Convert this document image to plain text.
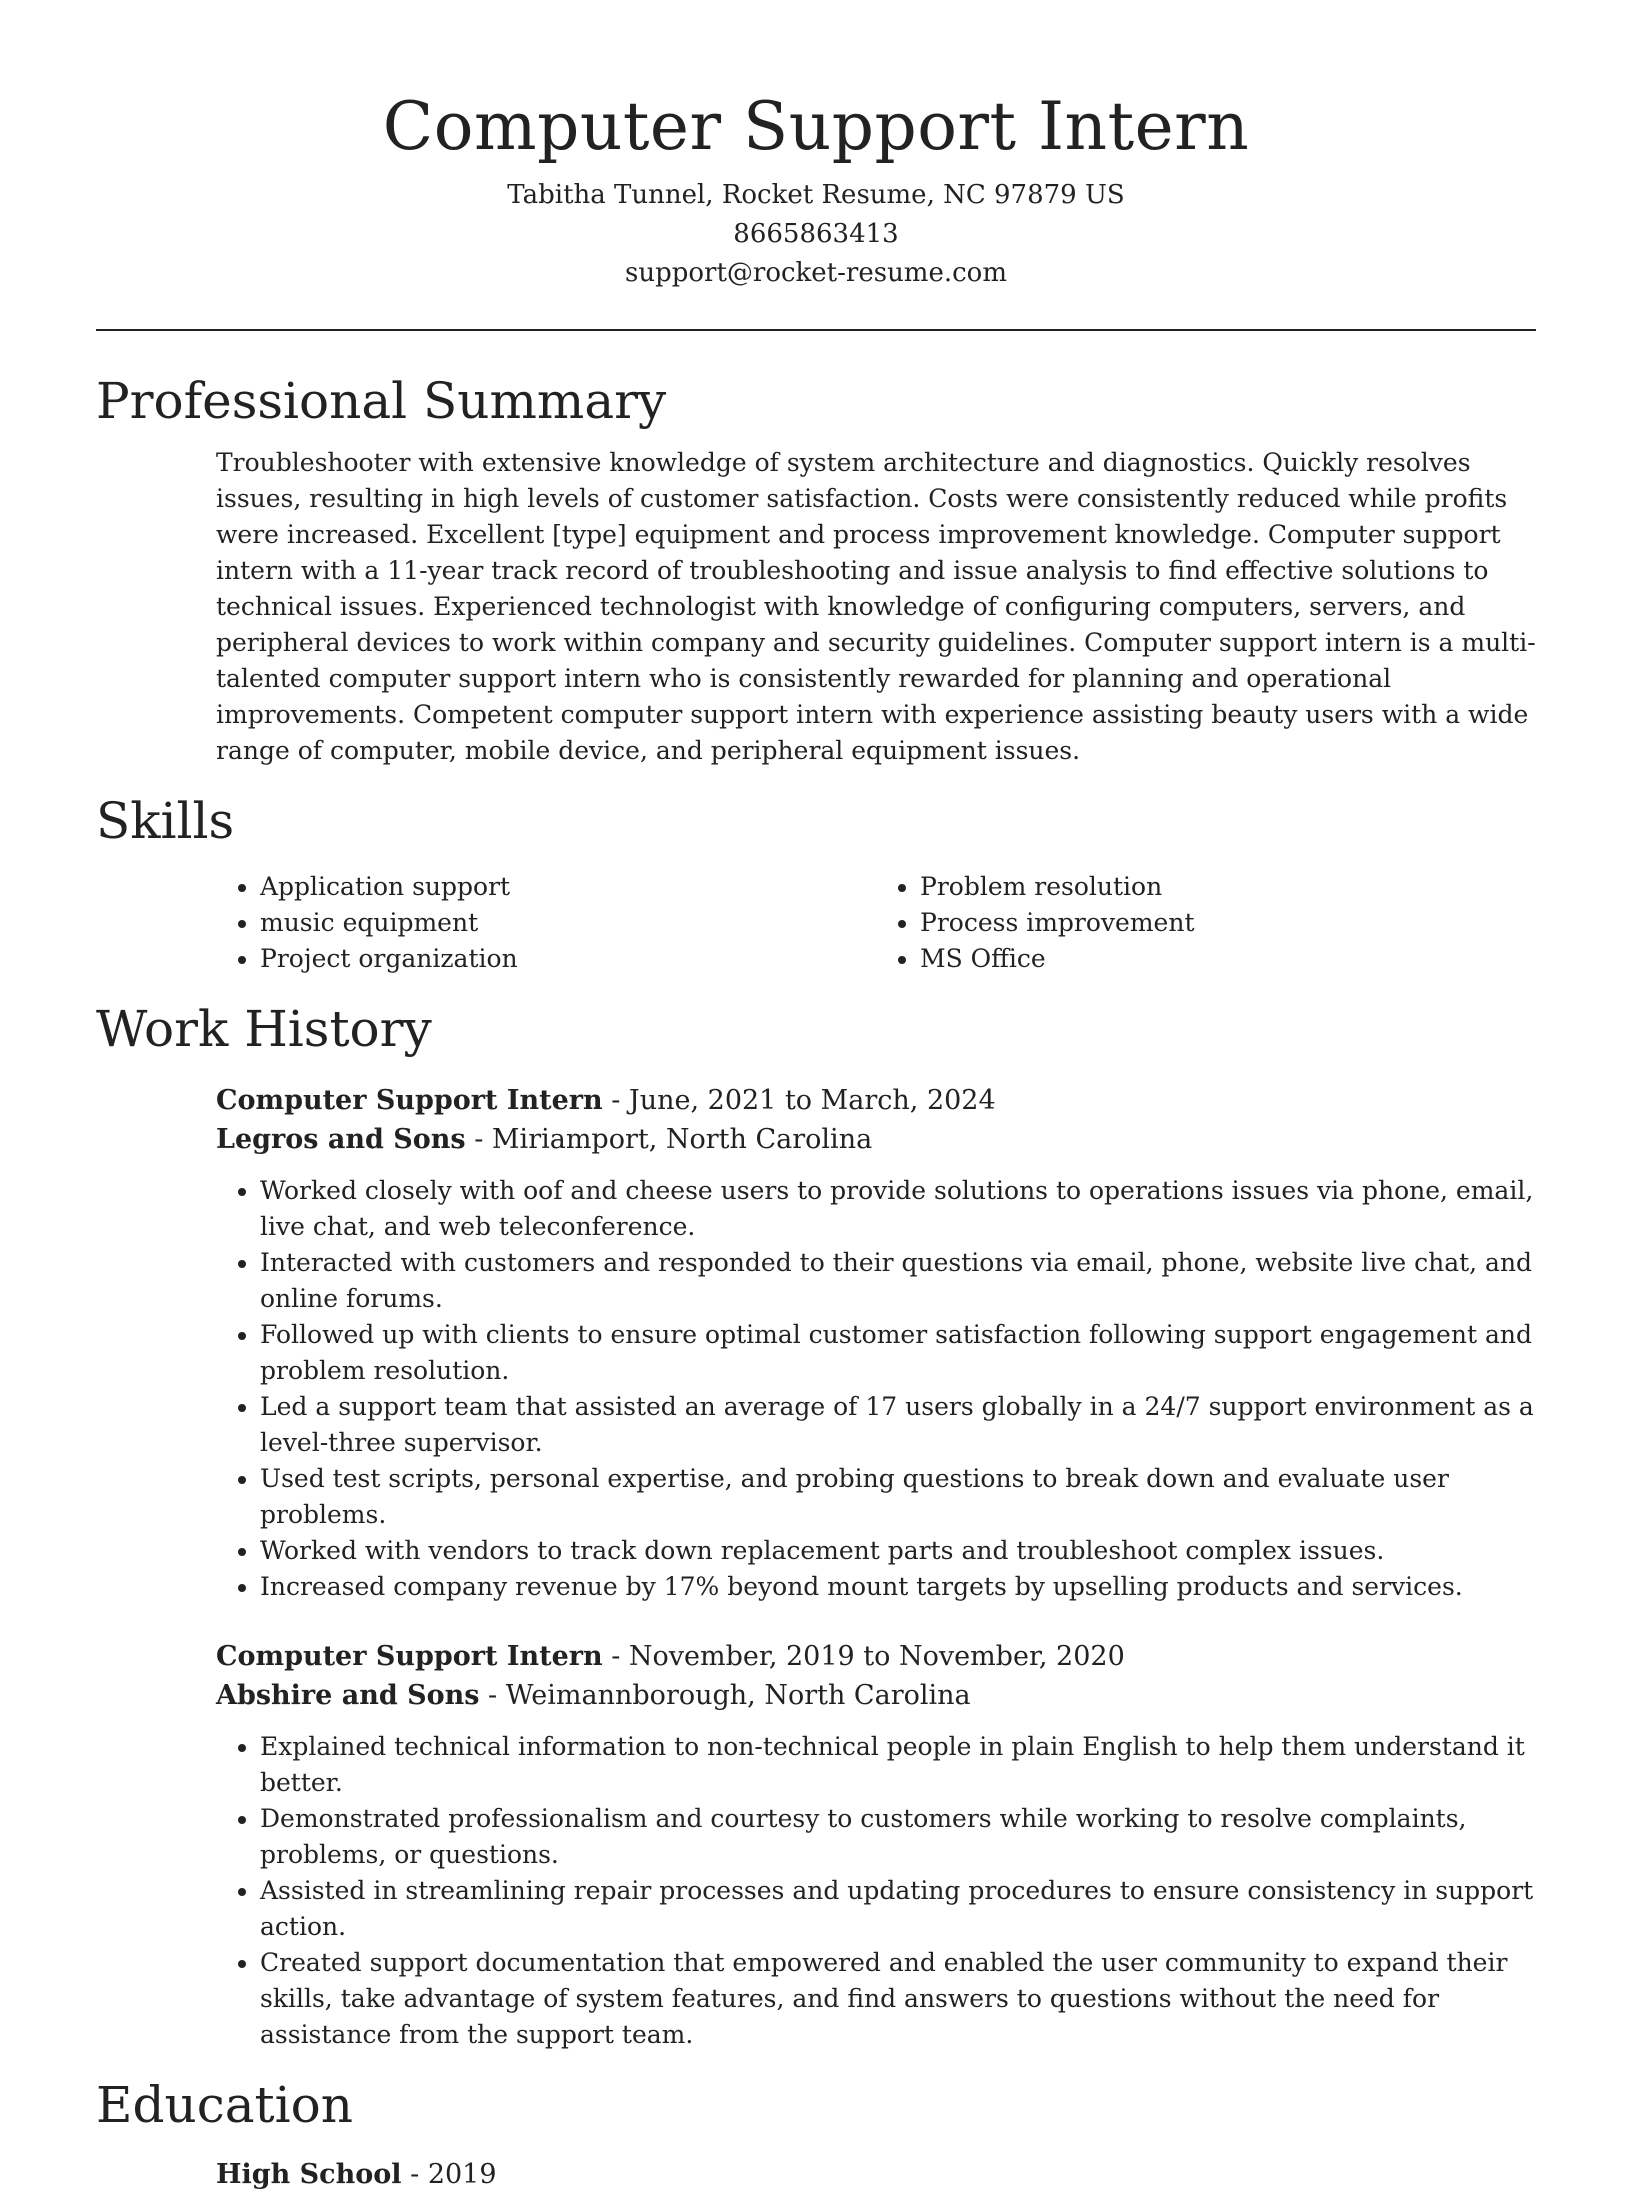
Computer Support Intern

Tabitha Tunnel, Rocket Resume, NC 97879 US

8665863413

support@rocket-resume.com

Professional Summary

Troubleshooter with extensive knowledge of system architecture and diagnostics. Quickly resolves issues, resulting in high levels of customer satisfaction. Costs were consistently reduced while profits were increased. Excellent [type] equipment and process improvement knowledge. Computer support intern with a 11-year track record of troubleshooting and issue analysis to find effective solutions to technical issues. Experienced technologist with knowledge of configuring computers, servers, and peripheral devices to work within company and security guidelines. Computer support intern is a multi-talented computer support intern who is consistently rewarded for planning and operational improvements. Competent computer support intern with experience assisting beauty users with a wide range of computer, mobile device, and peripheral equipment issues.

Skills
• Application support
• music equipment
• Project organization
• Problem resolution
• Process improvement
• MS Office
Work History

Computer Support Intern - June, 2021 to March, 2024

Legros and Sons - Miriamport, North Carolina

• Worked closely with oof and cheese users to provide solutions to operations issues via phone, email, live chat, and web teleconference.
• Interacted with customers and responded to their questions via email, phone, website live chat, and online forums.
• Followed up with clients to ensure optimal customer satisfaction following support engagement and problem resolution.
• Led a support team that assisted an average of 17 users globally in a 24/7 support environment as a level-three supervisor.
• Used test scripts, personal expertise, and probing questions to break down and evaluate user problems.
• Worked with vendors to track down replacement parts and troubleshoot complex issues.
• Increased company revenue by 17% beyond mount targets by upselling products and services.

Computer Support Intern - November, 2019 to November, 2020

Abshire and Sons - Weimannborough, North Carolina

• Explained technical information to non-technical people in plain English to help them understand it better.
• Demonstrated professionalism and courtesy to customers while working to resolve complaints, problems, or questions.
• Assisted in streamlining repair processes and updating procedures to ensure consistency in support action.
• Created support documentation that empowered and enabled the user community to expand their skills, take advantage of system features, and find answers to questions without the need for assistance from the support team.
Education

High School - 2019
